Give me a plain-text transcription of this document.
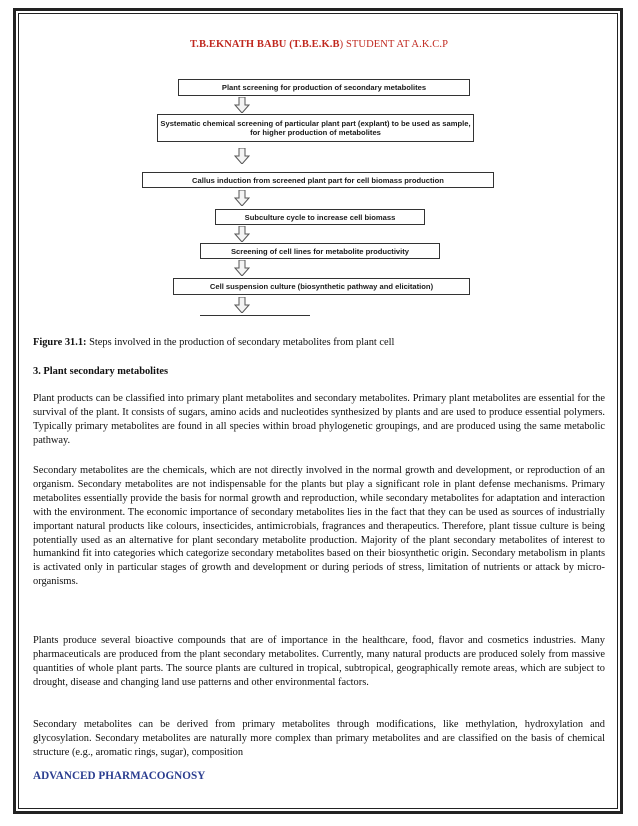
T.B.EKNATH BABU (T.B.E.K.B) STUDENT AT A.K.C.P
Plant screening for production of secondary metabolites
Systematic chemical screening of particular plant part (explant) to be used as sample, for higher production of metabolites
Callus induction from screened plant part for cell biomass production
Subculture cycle to increase cell biomass
Screening of cell lines for metabolite productivity
Cell suspension culture (biosynthetic pathway and elicitation)
Figure 31.1: Steps involved in the production of secondary metabolites from plant cell
3. Plant secondary metabolites
Plant products can be classified into primary plant metabolites and secondary metabolites. Primary plant metabolites are essential for the survival of the plant. It consists of sugars, amino acids and nucleotides synthesized by plants and are used to produce essential polymers. Typically primary metabolites are found in all species within broad phylogenetic groupings, and are produced using the same metabolic pathway.
Secondary metabolites are the chemicals, which are not directly involved in the normal growth and development, or reproduction of an organism. Secondary metabolites are not indispensable for the plants but play a significant role in plant defense mechanisms. Primary metabolites essentially provide the basis for normal growth and reproduction, while secondary metabolites for adaptation and interaction with the environment. The economic importance of secondary metabolites lies in the fact that they can be used as sources of industrially important natural products like colours, insecticides, antimicrobials, fragrances and therapeutics. Therefore, plant tissue culture is being potentially used as an alternative for plant secondary metabolite production. Majority of the plant secondary metabolites of interest to humankind fit into categories which categorize secondary metabolites based on their biosynthetic origin. Secondary metabolism in plants is activated only in particular stages of growth and development or during periods of stress, limitation of nutrients or attack by micro-organisms.
Plants produce several bioactive compounds that are of importance in the healthcare, food, flavor and cosmetics industries. Many pharmaceuticals are produced from the plant secondary metabolites. Currently, many natural products are produced solely from massive quantities of whole plant parts. The source plants are cultured in tropical, subtropical, geographically remote areas, which are subject to drought, disease and changing land use patterns and other environmental factors.
Secondary metabolites can be derived from primary metabolites through modifications, like methylation, hydroxylation and glycosylation. Secondary metabolites are naturally more complex than primary metabolites and are classified on the basis of chemical structure (e.g., aromatic rings, sugar), composition
ADVANCED PHARMACOGNOSY
